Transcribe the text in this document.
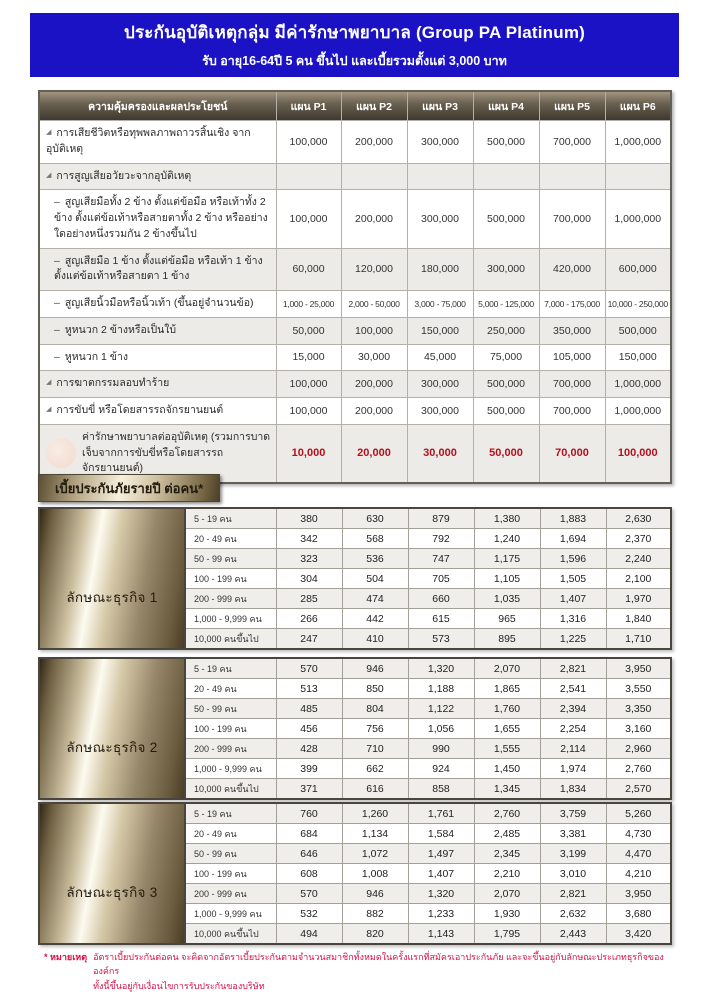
ประกันอุบัติเหตุกลุ่ม มีค่ารักษาพยาบาล (Group PA Platinum)
รับ อายุ16-64ปี 5 คน ขึ้นไป และเบี้ยรวมตั้งแต่ 3,000 บาท
ความคุ้มครองและผลประโยชน์	แผน P1	แผน P2	แผน P3	แผน P4	แผน P5	แผน P6
◢ การเสียชีวิตหรือทุพพลภาพถาวรสิ้นเชิง จากอุบัติเหตุ	100,000	200,000	300,000	500,000	700,000	1,000,000
◢ การสูญเสียอวัยวะจากอุบัติเหตุ						
– สูญเสียมือทั้ง 2 ข้าง ตั้งแต่ข้อมือ หรือเท้าทั้ง 2 ข้าง ตั้งแต่ข้อเท้าหรือสายตาทั้ง 2 ข้าง หรืออย่างใดอย่างหนึ่งรวมกัน 2 ข้างขึ้นไป	100,000	200,000	300,000	500,000	700,000	1,000,000
– สูญเสียมือ 1 ข้าง ตั้งแต่ข้อมือ หรือเท้า 1 ข้าง ตั้งแต่ข้อเท้าหรือสายตา 1 ข้าง	60,000	120,000	180,000	300,000	420,000	600,000
– สูญเสียนิ้วมือหรือนิ้วเท้า (ขึ้นอยู่จำนวนข้อ)	1,000 - 25,000	2,000 - 50,000	3,000 - 75,000	5,000 - 125,000	7,000 - 175,000	10,000 - 250,000
– หูหนวก 2 ข้างหรือเป็นใบ้	50,000	100,000	150,000	250,000	350,000	500,000
– หูหนวก 1 ข้าง	15,000	30,000	45,000	75,000	105,000	150,000
◢ การฆาตกรรมลอบทำร้าย	100,000	200,000	300,000	500,000	700,000	1,000,000
◢ การขับขี่ หรือโดยสารรถจักรยานยนต์	100,000	200,000	300,000	500,000	700,000	1,000,000

ค่ารักษาพยาบาลต่ออุบัติเหตุ (รวมการบาดเจ็บจากการขับขี่หรือโดยสารรถจักรยานยนต์)
10,000	20,000	30,000	50,000	70,000	100,000
เบี้ยประกันภัยรายปี ต่อคน*
ลักษณะธุรกิจ 1	5 - 19 คน	380	630	879	1,380	1,883	2,630
	20 - 49 คน	342	568	792	1,240	1,694	2,370
	50 - 99 คน	323	536	747	1,175	1,596	2,240
	100 - 199 คน	304	504	705	1,105	1,505	2,100
	200 - 999 คน	285	474	660	1,035	1,407	1,970
	1,000 - 9,999 คน	266	442	615	965	1,316	1,840
	10,000 คนขึ้นไป	247	410	573	895	1,225	1,710
ลักษณะธุรกิจ 2	5 - 19 คน	570	946	1,320	2,070	2,821	3,950
	20 - 49 คน	513	850	1,188	1,865	2,541	3,550
	50 - 99 คน	485	804	1,122	1,760	2,394	3,350
	100 - 199 คน	456	756	1,056	1,655	2,254	3,160
	200 - 999 คน	428	710	990	1,555	2,114	2,960
	1,000 - 9,999 คน	399	662	924	1,450	1,974	2,760
	10,000 คนขึ้นไป	371	616	858	1,345	1,834	2,570
ลักษณะธุรกิจ 3	5 - 19 คน	760	1,260	1,761	2,760	3,759	5,260
	20 - 49 คน	684	1,134	1,584	2,485	3,381	4,730
	50 - 99 คน	646	1,072	1,497	2,345	3,199	4,470
	100 - 199 คน	608	1,008	1,407	2,210	3,010	4,210
	200 - 999 คน	570	946	1,320	2,070	2,821	3,950
	1,000 - 9,999 คน	532	882	1,233	1,930	2,632	3,680
	10,000 คนขึ้นไป	494	820	1,143	1,795	2,443	3,420
* หมายเหตุ อัตราเบี้ยประกันต่อคน จะคิดจากอัตราเบี้ยประกันตามจำนวนสมาชิกทั้งหมดในครั้งแรกที่สมัครเอาประกันภัย และจะขึ้นอยู่กับลักษณะประเภทธุรกิจขององค์กร
ทั้งนี้ขึ้นอยู่กับเงื่อนไขการรับประกันของบริษัท
